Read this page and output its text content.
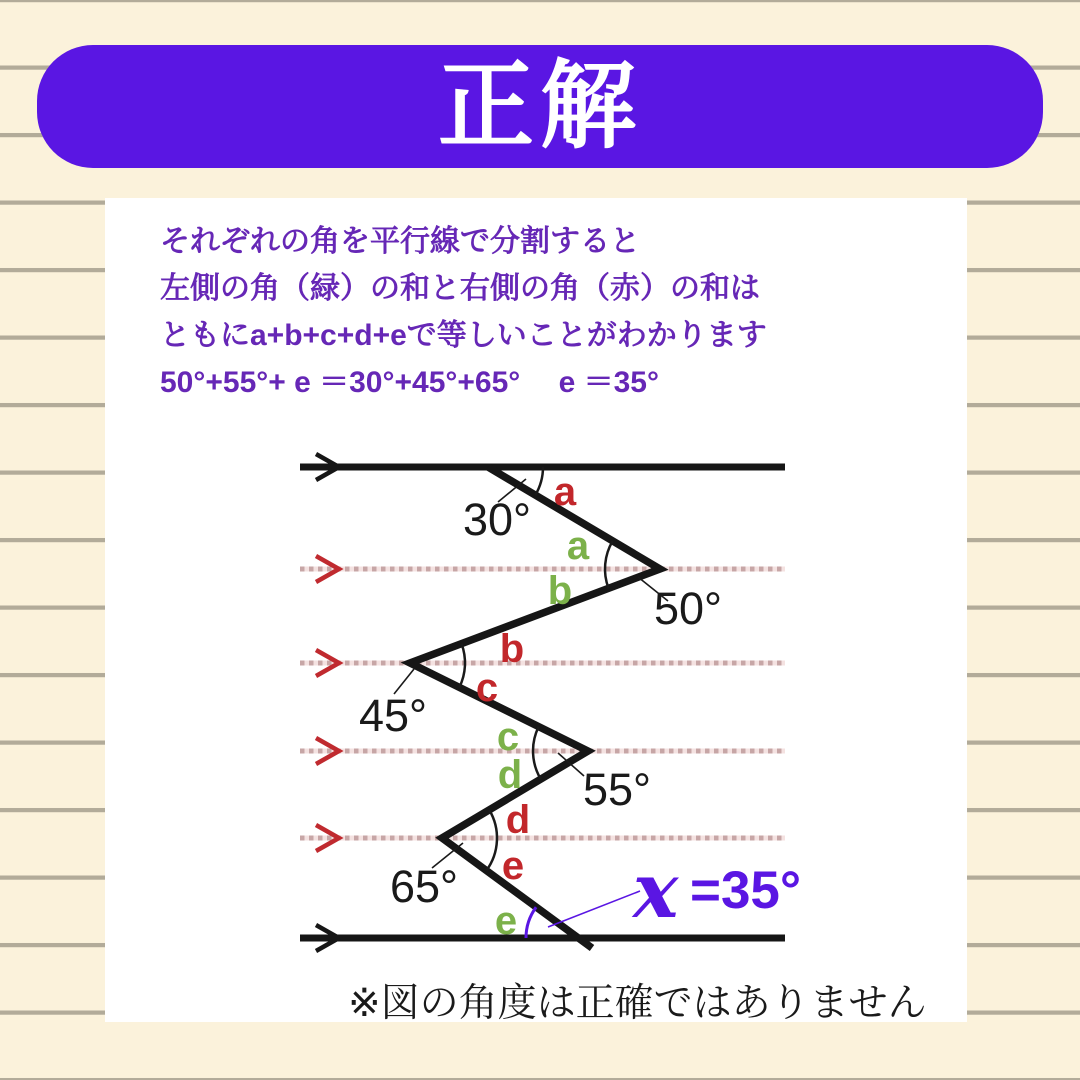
正解
それぞれの角を平行線で分割すると
左側の角（緑）の和と右側の角（赤）の和は
ともにa+b+c+d+eで等しいことがわかります
50°+55°+ e ＝30°+45°+65°　 e ＝35°
30°
50°
45°
55°
65°
a
a
b
b
c
c
d
d
e
e x =35°
※図の角度は正確ではありません
